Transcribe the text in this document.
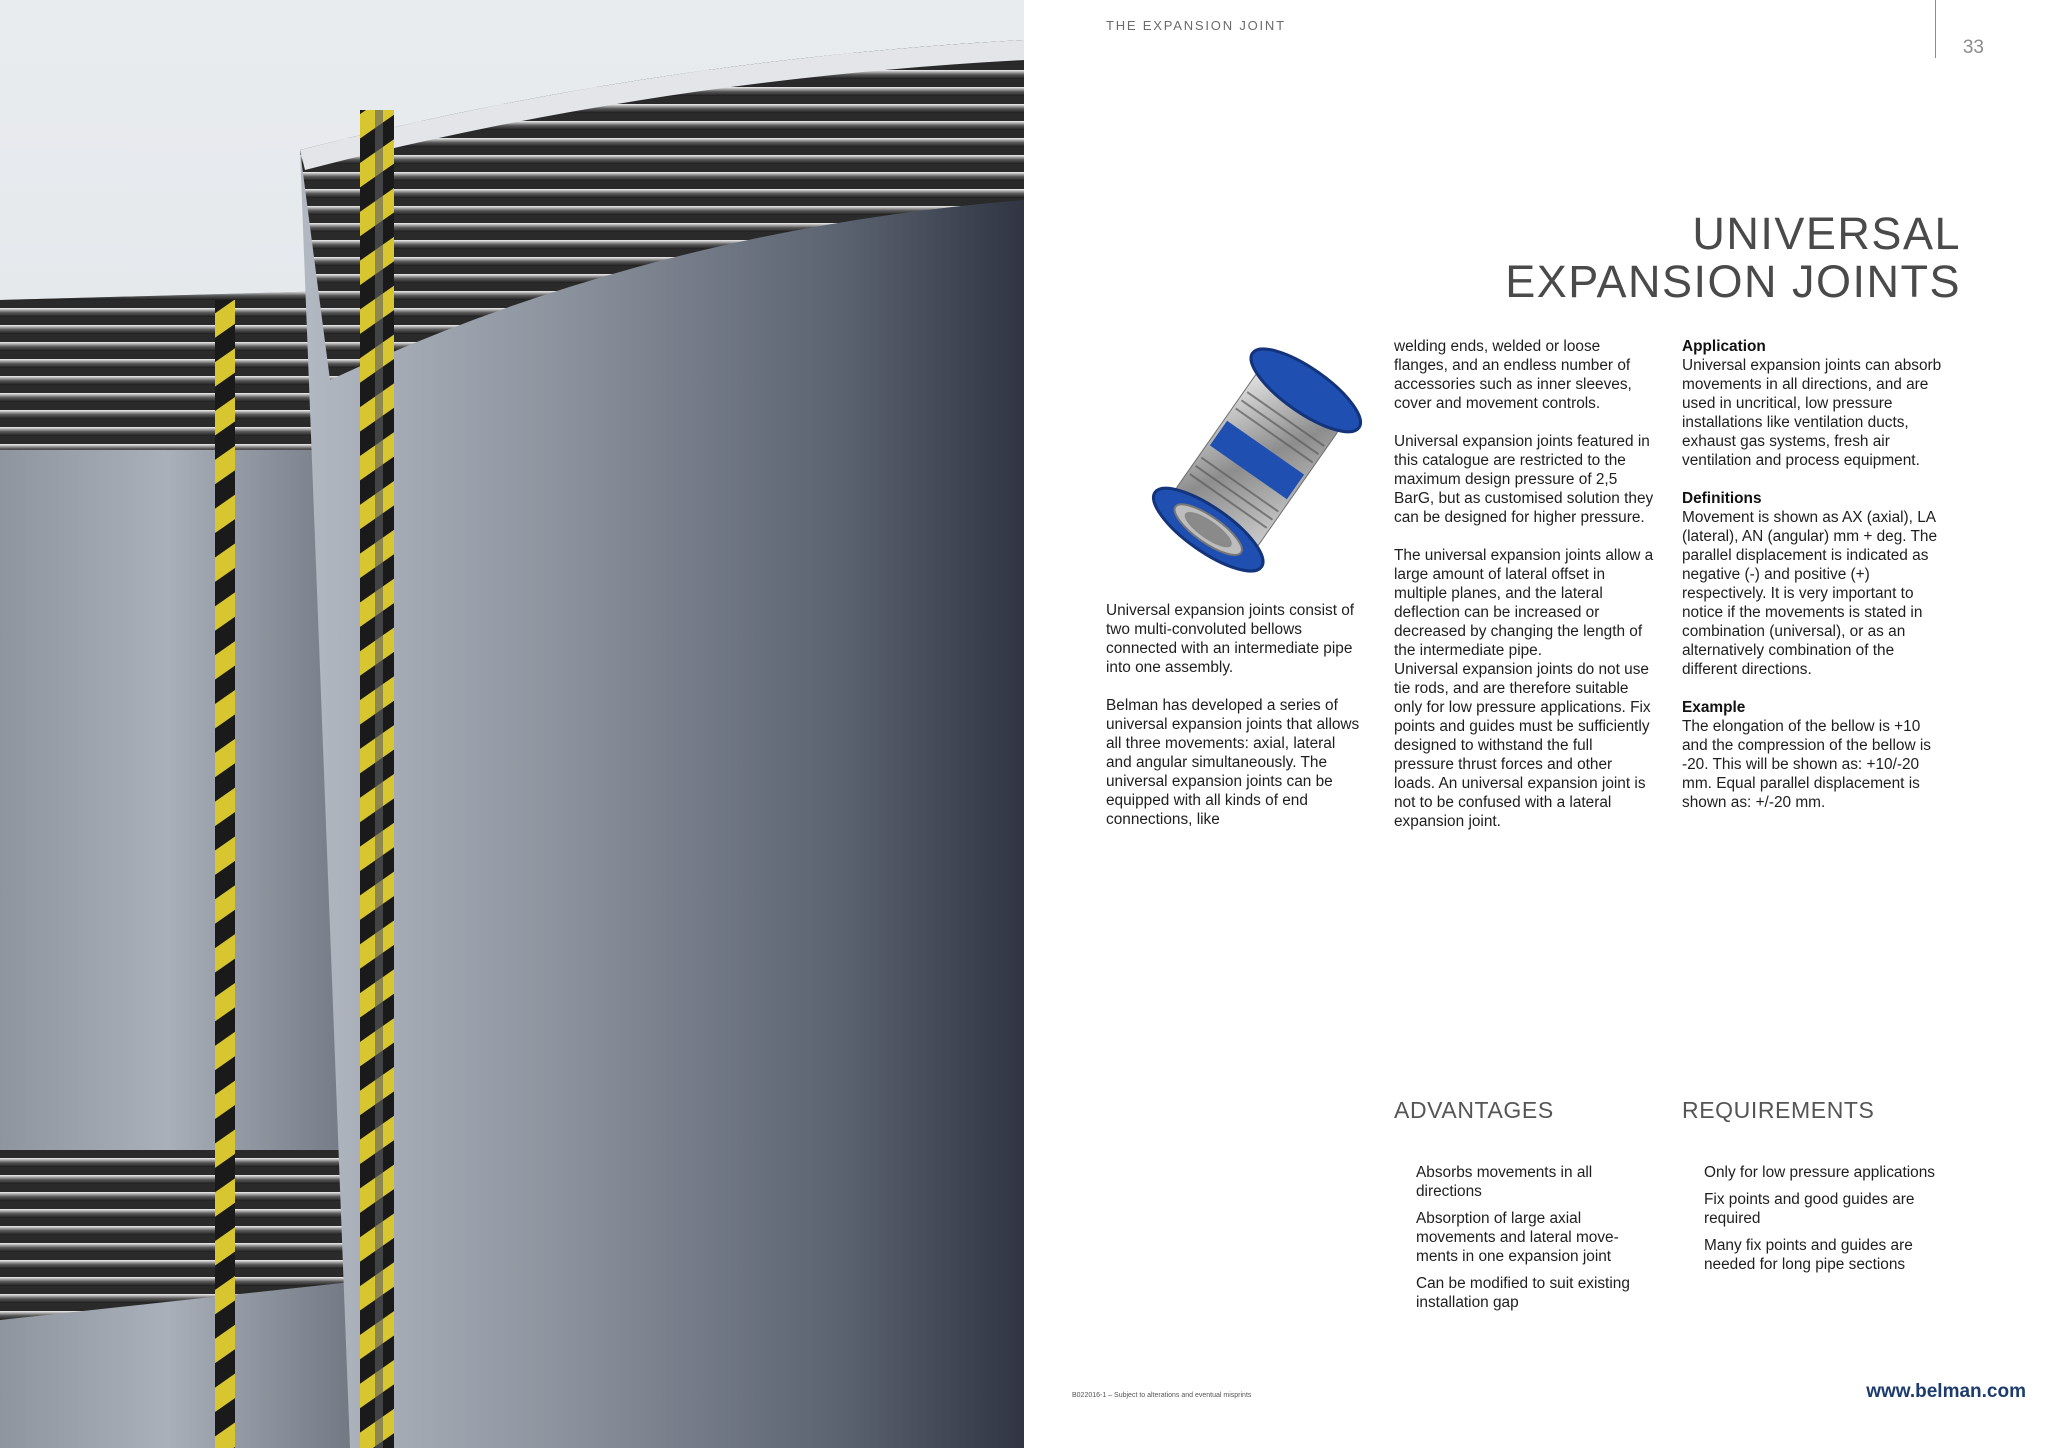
THE EXPANSION JOINT
33
UNIVERSAL
EXPANSION JOINTS

Universal expansion joints consist of two multi-convoluted bellows connected with an intermediate pipe into one assembly.

Belman has developed a series of universal expansion joints that allows all three movements: axial, lateral and angular simultaneously. The universal expansion joints can be equipped with all kinds of end connections, like

welding ends, welded or loose flanges, and an endless number of accessories such as inner sleeves, cover and movement controls.

Universal expansion joints featured in this catalogue are restricted to the maximum design pressure of 2,5 BarG, but as customised solution they can be designed for higher pressure.

The universal expansion joints allow a large amount of lateral offset in multiple planes, and the lateral deflection can be increased or decreased by changing the length of the intermediate pipe.

Universal expansion joints do not use tie rods, and are therefore suitable only for low pressure applications. Fix points and guides must be sufficiently designed to withstand the full pressure thrust forces and other loads. An universal expansion joint is not to be confused with a lateral expansion joint.

Application

Universal expansion joints can absorb movements in all directions, and are used in uncritical, low pressure installations like ventilation ducts, exhaust gas systems, fresh air ventilation and process equipment.

Definitions

Movement is shown as AX (axial), LA (lateral), AN (angular) mm + deg. The parallel displacement is indicated as negative (-) and positive (+) respectively. It is very important to notice if the movements is stated in combination (universal), or as an alternatively combination of the different directions.

Example

The elongation of the bellow is +10 and the compression of the bellow is -20. This will be shown as: +10/-20 mm. Equal parallel displacement is shown as: +/-20 mm.

ADVANTAGES
Absorbs movements in all directions
Absorption of large axial movements and lateral move-ments in one expansion joint
Can be modified to suit existing installation gap
REQUIREMENTS
Only for low pressure applications
Fix points and good guides are required
Many fix points and guides are needed for long pipe sections
B022016-1 – Subject to alterations and eventual misprints	www.belman.com
